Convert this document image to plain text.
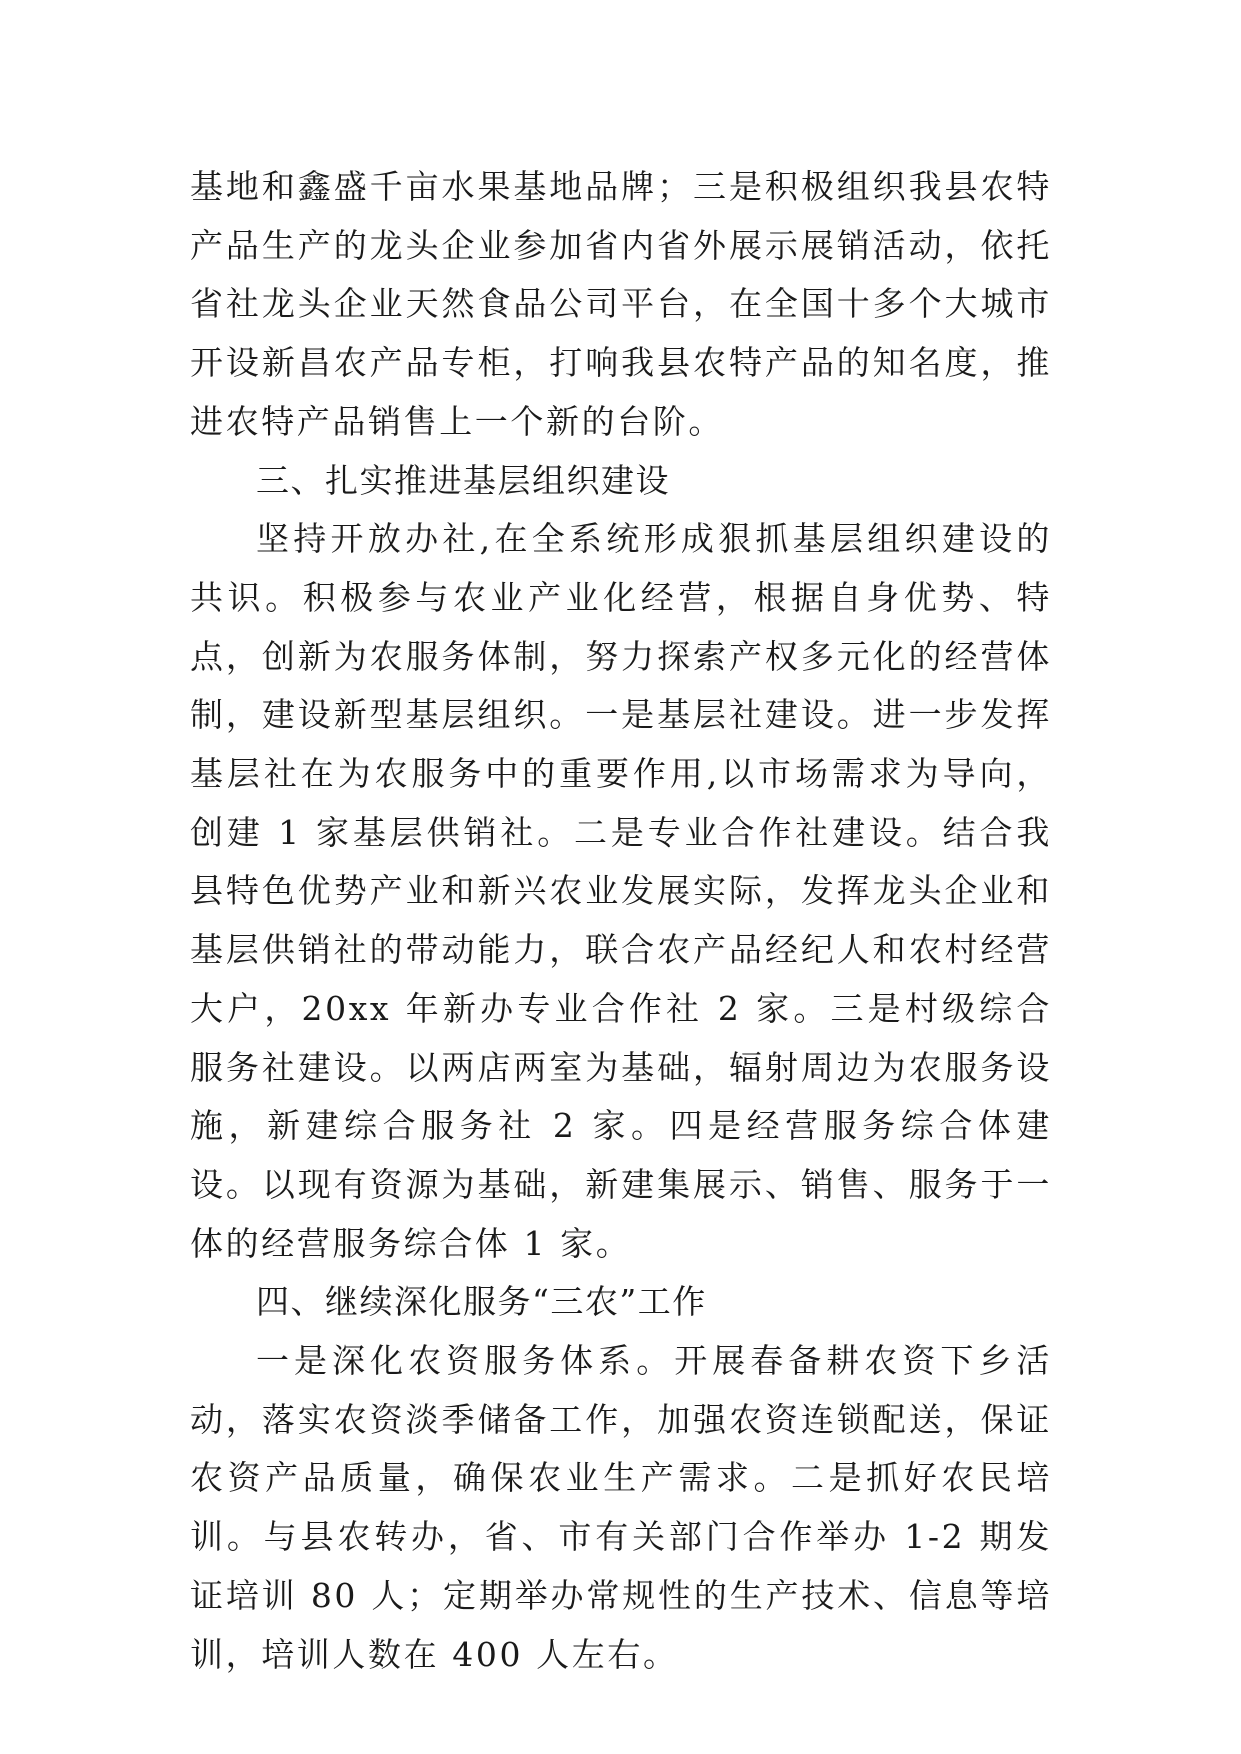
基地和鑫盛千亩水果基地品牌；三是积极组织我县农特产品生产的龙头企业参加省内省外展示展销活动，依托省社龙头企业天然食品公司平台，在全国十多个大城市开设新昌农产品专柜，打响我县农特产品的知名度，推进农特产品销售上一个新的台阶。

三、扎实推进基层组织建设

坚持开放办社,在全系统形成狠抓基层组织建设的共识。积极参与农业产业化经营，根据自身优势、特点，创新为农服务体制，努力探索产权多元化的经营体制，建设新型基层组织。一是基层社建设。进一步发挥基层社在为农服务中的重要作用,以市场需求为导向，创建 1 家基层供销社。二是专业合作社建设。结合我县特色优势产业和新兴农业发展实际，发挥龙头企业和基层供销社的带动能力，联合农产品经纪人和农村经营大户，20xx 年新办专业合作社 2 家。三是村级综合服务社建设。以两店两室为基础，辐射周边为农服务设施，新建综合服务社 2 家。四是经营服务综合体建设。以现有资源为基础，新建集展示、销售、服务于一体的经营服务综合体 1 家。

四、继续深化服务“三农”工作

一是深化农资服务体系。开展春备耕农资下乡活动，落实农资淡季储备工作，加强农资连锁配送，保证农资产品质量，确保农业生产需求。二是抓好农民培训。与县农转办，省、市有关部门合作举办 1-2 期发证培训 80 人；定期举办常规性的生产技术、信息等培训，培训人数在 400 人左右。
